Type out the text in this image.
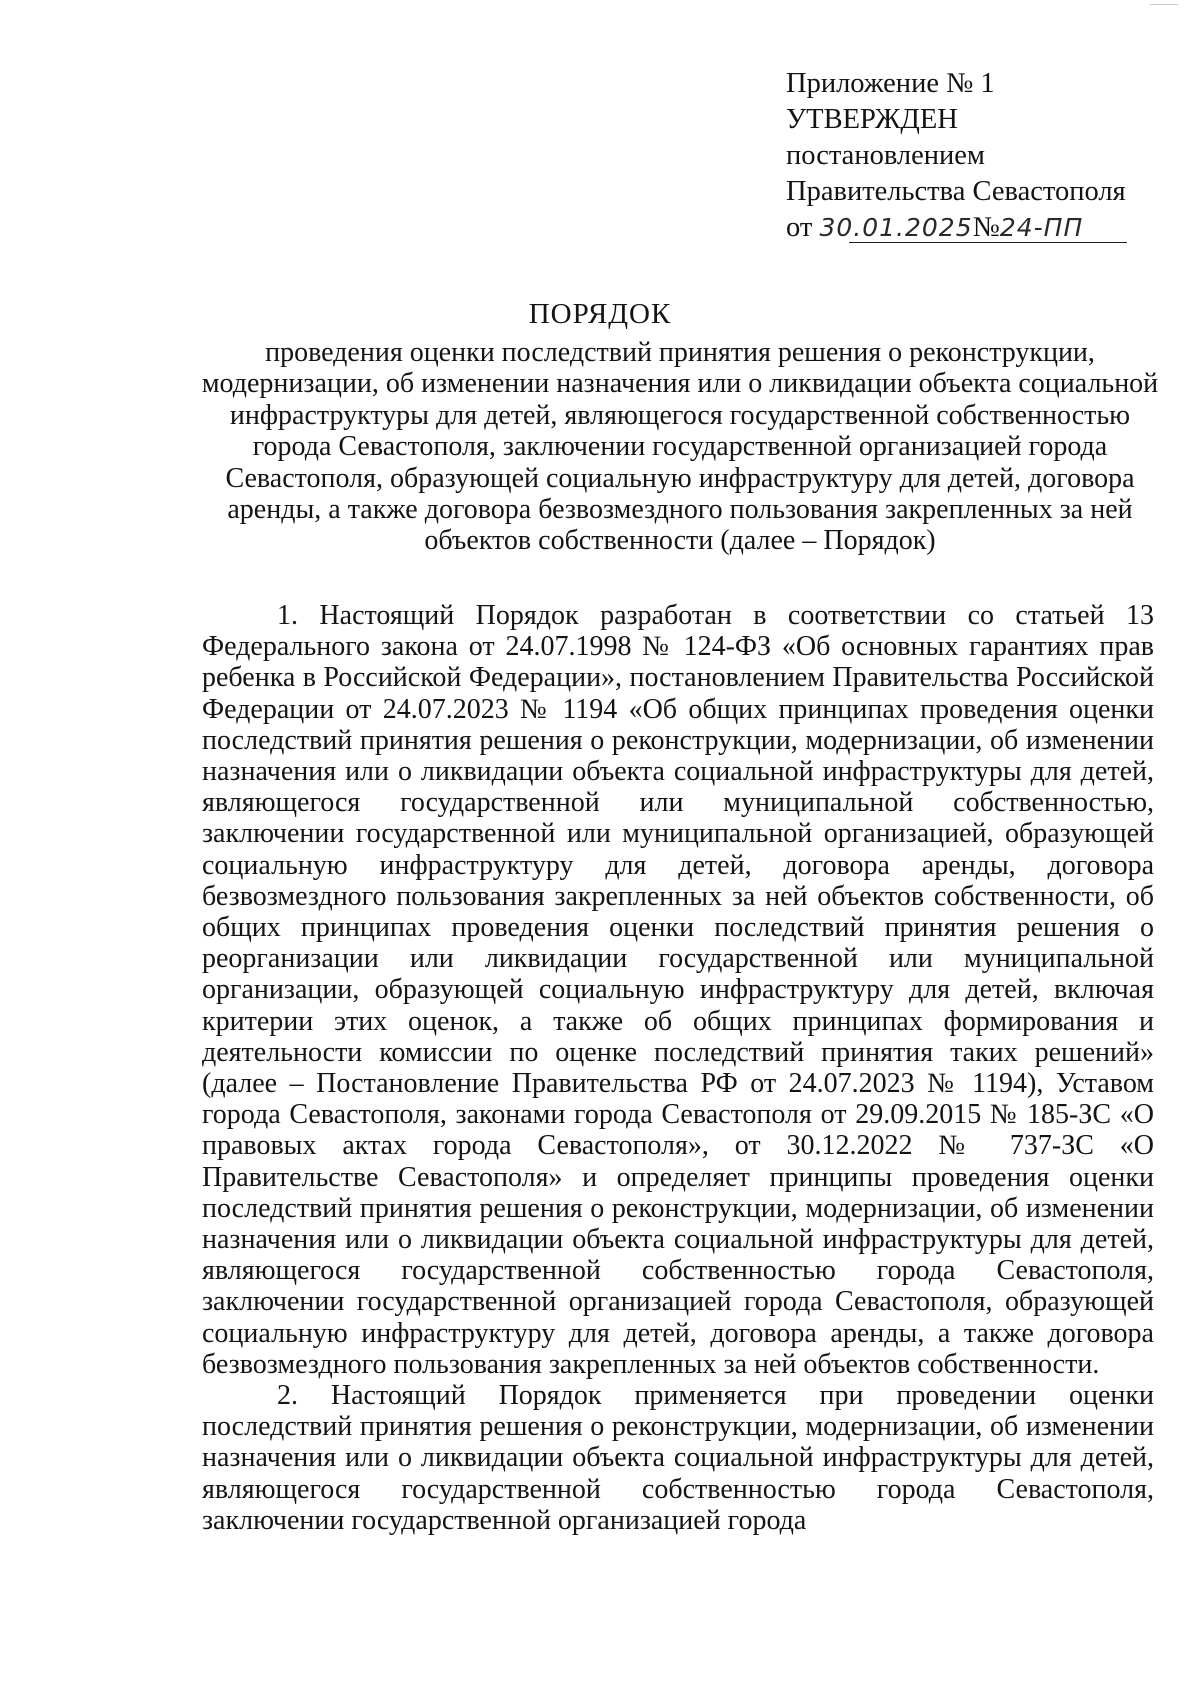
Приложение № 1
УТВЕРЖДЕН
постановлением
Правительства Севастополя
от 30.01.2025№24-ПП
ПОРЯДОК
проведения оценки последствий принятия решения о реконструкции, модернизации, об изменении назначения или о ликвидации объекта социальной инфраструктуры для детей, являющегося государственной собственностью города Севастополя, заключении государственной организацией города Севастополя, образующей социальную инфраструктуру для детей, договора аренды, а также договора безвозмездного пользования закрепленных за ней объектов собственности (далее – Порядок)

1. Настоящий Порядок разработан в соответствии со статьей 13 Федерального закона от 24.07.1998 № 124-ФЗ «Об основных гарантиях прав ребенка в Российской Федерации», постановлением Правительства Российской Федерации от 24.07.2023 № 1194 «Об общих принципах проведения оценки последствий принятия решения о реконструкции, модернизации, об изменении назначения или о ликвидации объекта социальной инфраструктуры для детей, являющегося государственной или муниципальной собственностью, заключении государственной или муниципальной организацией, образующей социальную инфраструктуру для детей, договора аренды, договора безвозмездного пользования закрепленных за ней объектов собственности, об общих принципах проведения оценки последствий принятия решения о реорганизации или ликвидации государственной или муниципальной организации, образующей социальную инфраструктуру для детей, включая критерии этих оценок, а также об общих принципах формирования и деятельности комиссии по оценке последствий принятия таких решений» (далее – Постановление Правительства РФ от 24.07.2023 № 1194), Уставом города Севастополя, законами города Севастополя от 29.09.2015 № 185-ЗС «О правовых актах города Севастополя», от 30.12.2022 № 737-ЗС «О Правительстве Севастополя» и определяет принципы проведения оценки последствий принятия решения о реконструкции, модернизации, об изменении назначения или о ликвидации объекта социальной инфраструктуры для детей, являющегося государственной собственностью города Севастополя, заключении государственной организацией города Севастополя, образующей социальную инфраструктуру для детей, договора аренды, а также договора безвозмездного пользования закрепленных за ней объектов собственности.

2. Настоящий Порядок применяется при проведении оценки последствий принятия решения о реконструкции, модернизации, об изменении назначения или о ликвидации объекта социальной инфраструктуры для детей, являющегося государственной собственностью города Севастополя, заключении государственной организацией города
